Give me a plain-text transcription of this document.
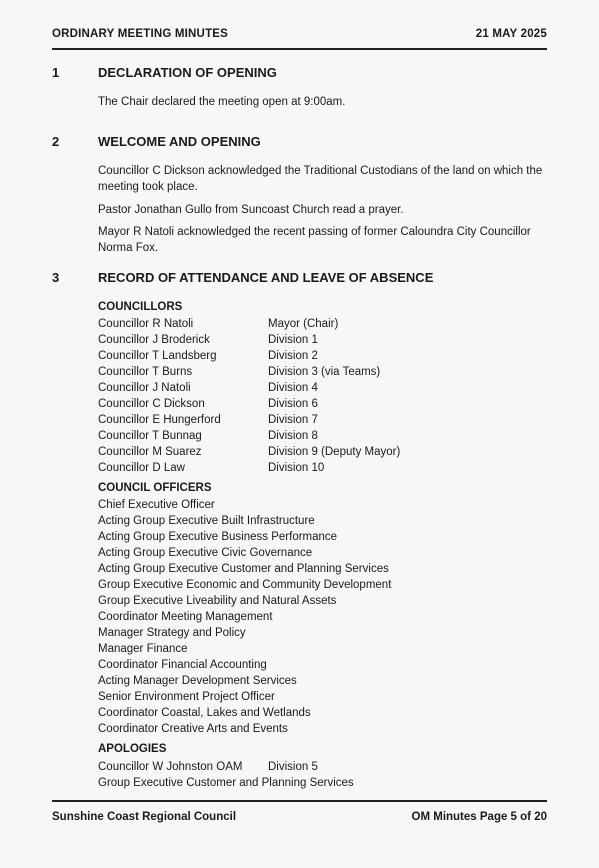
ORDINARY MEETING MINUTES	21 MAY 2025
1	DECLARATION OF OPENING
The Chair declared the meeting open at 9:00am.
2	WELCOME AND OPENING
Councillor C Dickson acknowledged the Traditional Custodians of the land on which the meeting took place.
Pastor Jonathan Gullo from Suncoast Church read a prayer.
Mayor R Natoli acknowledged the recent passing of former Caloundra City Councillor Norma Fox.
3	RECORD OF ATTENDANCE AND LEAVE OF ABSENCE
COUNCILLORS
Councillor R Natoli	Mayor (Chair)
Councillor J Broderick	Division 1
Councillor T Landsberg	Division 2
Councillor T Burns	Division 3 (via Teams)
Councillor J Natoli	Division 4
Councillor C Dickson	Division 6
Councillor E Hungerford	Division 7
Councillor T Bunnag	Division 8
Councillor M Suarez	Division 9 (Deputy Mayor)
Councillor D Law	Division 10
COUNCIL OFFICERS
Chief Executive Officer
Acting Group Executive Built Infrastructure
Acting Group Executive Business Performance
Acting Group Executive Civic Governance
Acting Group Executive Customer and Planning Services
Group Executive Economic and Community Development
Group Executive Liveability and Natural Assets
Coordinator Meeting Management
Manager Strategy and Policy
Manager Finance
Coordinator Financial Accounting
Acting Manager Development Services
Senior Environment Project Officer
Coordinator Coastal, Lakes and Wetlands
Coordinator Creative Arts and Events
APOLOGIES
Councillor W Johnston OAM Division 5
Group Executive Customer and Planning Services
Sunshine Coast Regional Council	OM Minutes Page 5 of 20
